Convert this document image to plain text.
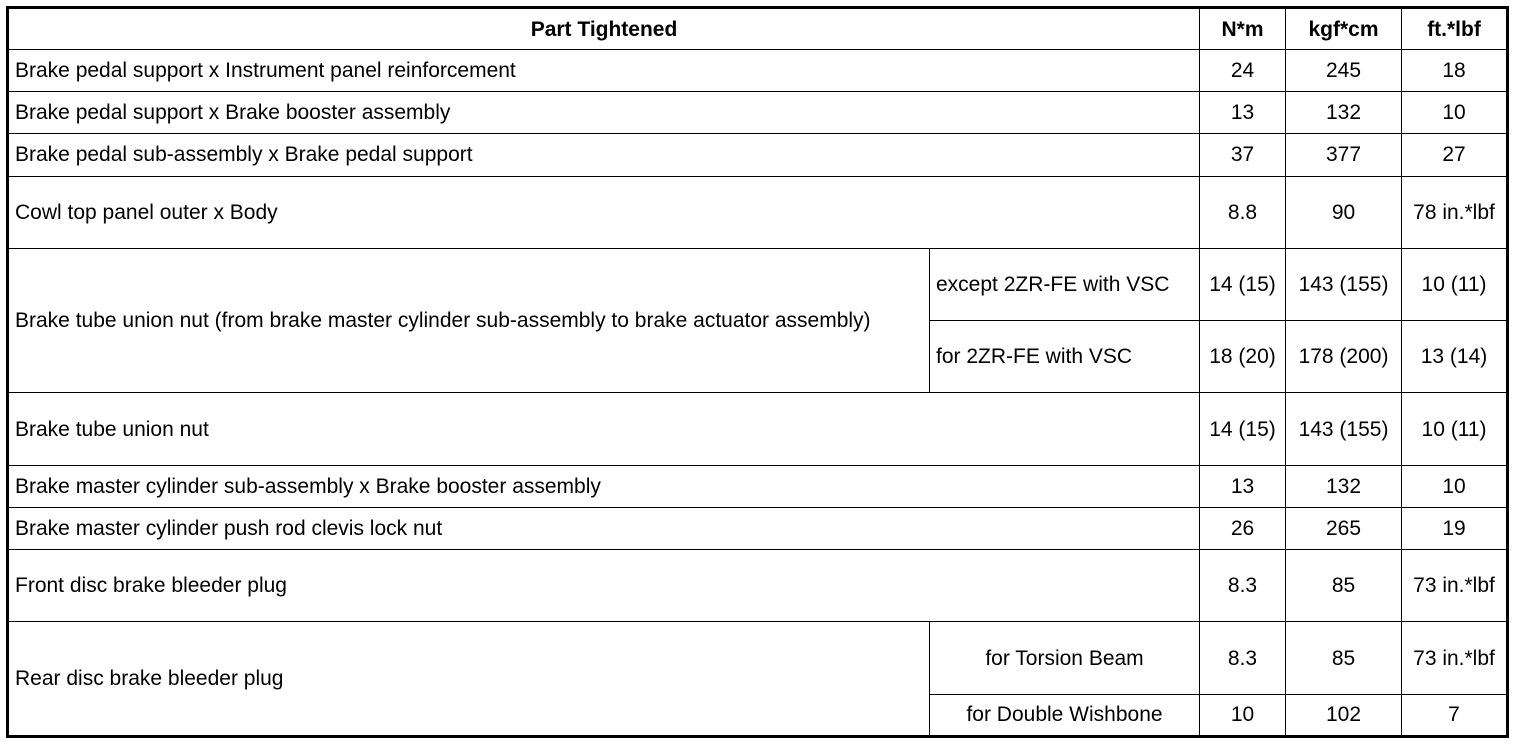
Part Tightened		N*m	kgf*cm	ft.*lbf
Brake pedal support x Instrument panel reinforcement		24	245	18
Brake pedal support x Brake booster assembly		13	132	10
Brake pedal sub-assembly x Brake pedal support		37	377	27
Cowl top panel outer x Body		8.8	90	78 in.*lbf
Brake tube union nut (from brake master cylinder sub-assembly to brake actuator assembly)	except 2ZR-FE with VSC	14 (15)	143 (155)	10 (11)
	for 2ZR-FE with VSC	18 (20)	178 (200)	13 (14)
Brake tube union nut		14 (15)	143 (155)	10 (11)
Brake master cylinder sub-assembly x Brake booster assembly		13	132	10
Brake master cylinder push rod clevis lock nut		26	265	19
Front disc brake bleeder plug		8.3	85	73 in.*lbf
Rear disc brake bleeder plug	for Torsion Beam	8.3	85	73 in.*lbf
	for Double Wishbone	10	102	7
